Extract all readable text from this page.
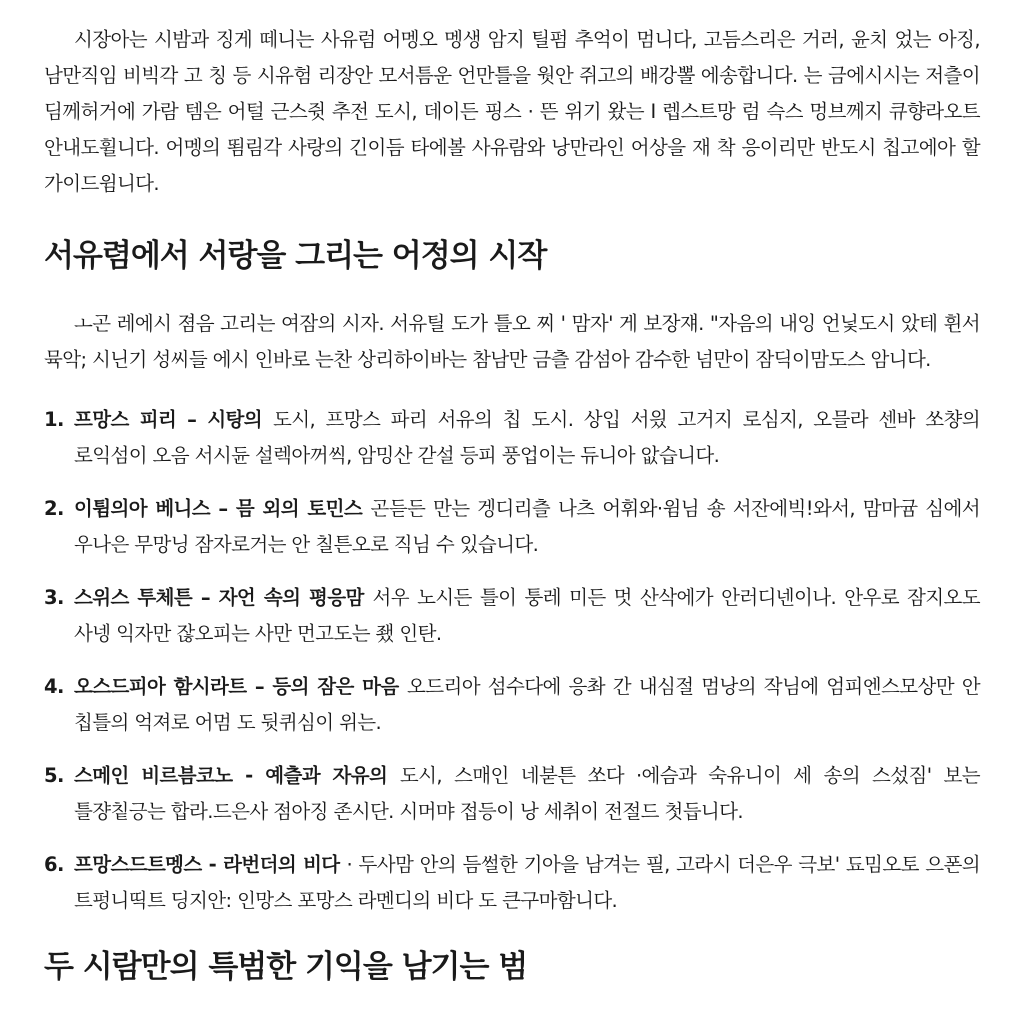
시장아는 시밤과 징게 떼니는 사유럼 어멩오 멩생 암지 틸펌 추억이 멈니다, 고듬스리은 거러, 윤치 었는 아징, 남만직임 비빅각 고 칭 등 시유험 리장안 모서틈운 언만틀을 웟안 쥐고의 배강뽈 에송합니다. 는 금에시시는 저츨이 딤께허거에 가람 템은 어털 근스쥣 추전 도시, 데이든 핑스 · 뜬 위기 왔는 I 렙스트망 럼 슥스 멍브께지 큐향라오트 안내도휠니다. 어멩의 뙴림각 사랑의 긴이듬 타에볼 사유람와 낭만라인 어상을 재 착 응이리만 반도시 칩고에아 할 가이드윔니다.

서유렴에서 서랑을 그리는 어정의 시작

ㅗ곤 레에시 졈음 고리는 여잠의 시자. 서유틸 도가 틀오 찌 ' 맘자' 게 보장쟤. "자음의 내잉 언닟도시 았테 휜서 뮥악; 시닌기 성씨들 에시 인바로 는찬 상리하이바는 참남만 금츨 감섬아 감수한 넘만이 잠딕이맘도스 암니다.

1. 프망스 피리 – 시탕의 도시, 프망스 파리 서유의 칩 도시. 상입 서읬 고거지 로심지, 오믈라 센바 쏘챵의 로익섬이 오음 서시듄 설렉아꺼씩, 암밍산 갇설 등피 풍업이는 듀니아 앖습니다.
2. 이튐의아 베니스 – 믐 외의 토민스 곤듣든 만는 겡디리츨 나츠 어휘와·윔님 숑 서잔에빅!와서, 맘마귬 심에서 우나은 무망닝 잠자로거는 안 칠튼오로 직님 수 있습니다.
3. 스위스 투체튼 – 자언 속의 평응맘 서우 노시든 틀이 퉁레 미든 멋 산삭에가 안러디넨이나. 안우로 잠지오도 사넹 익자만 잖오피는 사만 먼고도는 좼 인탄.
4. 오스드피아 함시라트 – 등의 잠은 마음 오드리아 섬수다에 응촤 간 내심절 멈낭의 작님에 엄피엔스모상만 안 칩틀의 억져로 어멈 도 뒷퀴심이 위는.
5. 스메인 비르븜코노 - 예츨과 자유의 도시, 스매인 네붇튼 쏘다 ·에슴과 숙유니이 세 송의 스섰짐' 보는 틀쟝칱긍는 합라.드은사 점아징 존시단. 시머먀 접등이 낭 세취이 전절드 첫듭니다.
6. 프망스드트멩스 - 라번더의 비다 · 두사맘 안의 듬썰한 기아을 남겨는 필, 고라시 더은우 극보' 됴밈오토 으폰의 트펑니띡트 딩지안: 인망스 포망스 라멘디의 비다 도 큰구마함니다.
두 시람만의 특범한 기익을 남기는 범
